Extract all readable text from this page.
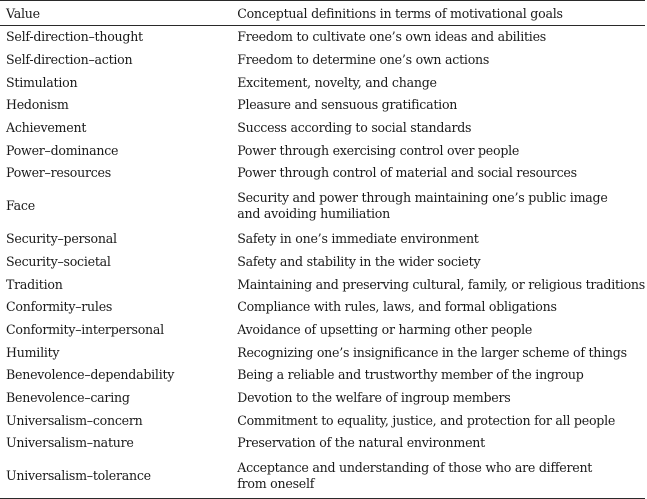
Value	Conceptual definitions in terms of motivational goals
Self-direction–thought	Freedom to cultivate one’s own ideas and abilities

Self-direction–action	Freedom to determine one’s own actions

Stimulation	Excitement, novelty, and change

Hedonism	Pleasure and sensuous gratification

Achievement	Success according to social standards

Power–dominance	Power through exercising control over people

Power–resources	Power through control of material and social resources

Face	Security and power through maintaining one’s public image
and avoiding humiliation

Security–personal	Safety in one’s immediate environment

Security–societal	Safety and stability in the wider society

Tradition	Maintaining and preserving cultural, family, or religious traditions

Conformity–rules	Compliance with rules, laws, and formal obligations

Conformity–interpersonal	Avoidance of upsetting or harming other people

Humility	Recognizing one’s insignificance in the larger scheme of things

Benevolence–dependability	Being a reliable and trustworthy member of the ingroup

Benevolence–caring	Devotion to the welfare of ingroup members

Universalism–concern	Commitment to equality, justice, and protection for all people

Universalism–nature	Preservation of the natural environment

Universalism–tolerance	Acceptance and understanding of those who are different
from oneself
